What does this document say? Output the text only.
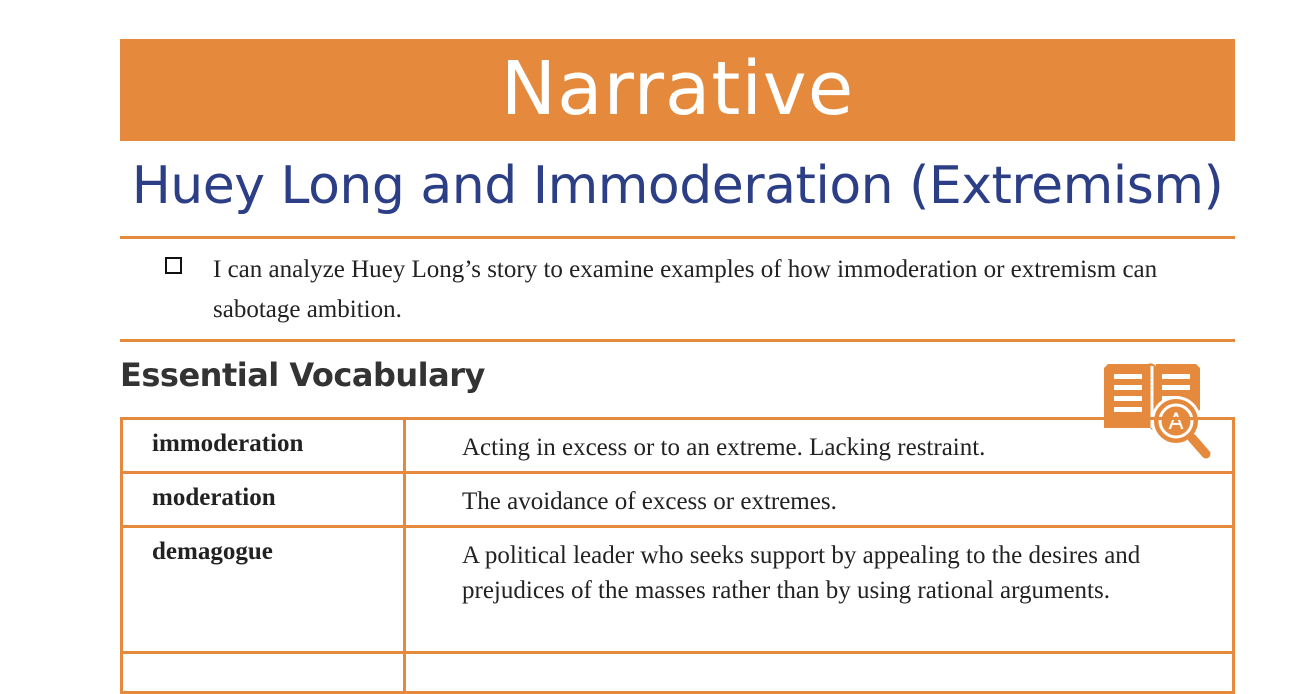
Narrative
Huey Long and Immoderation (Extremism)
I can analyze Huey Long’s story to examine examples of how immoderation or extremism can sabotage ambition.
Essential Vocabulary
A
immoderation	Acting in excess or to an extreme. Lacking restraint.
moderation	The avoidance of excess or extremes.
demagogue	A political leader who seeks support by appealing to the desires and prejudices of the masses rather than by using rational arguments.
